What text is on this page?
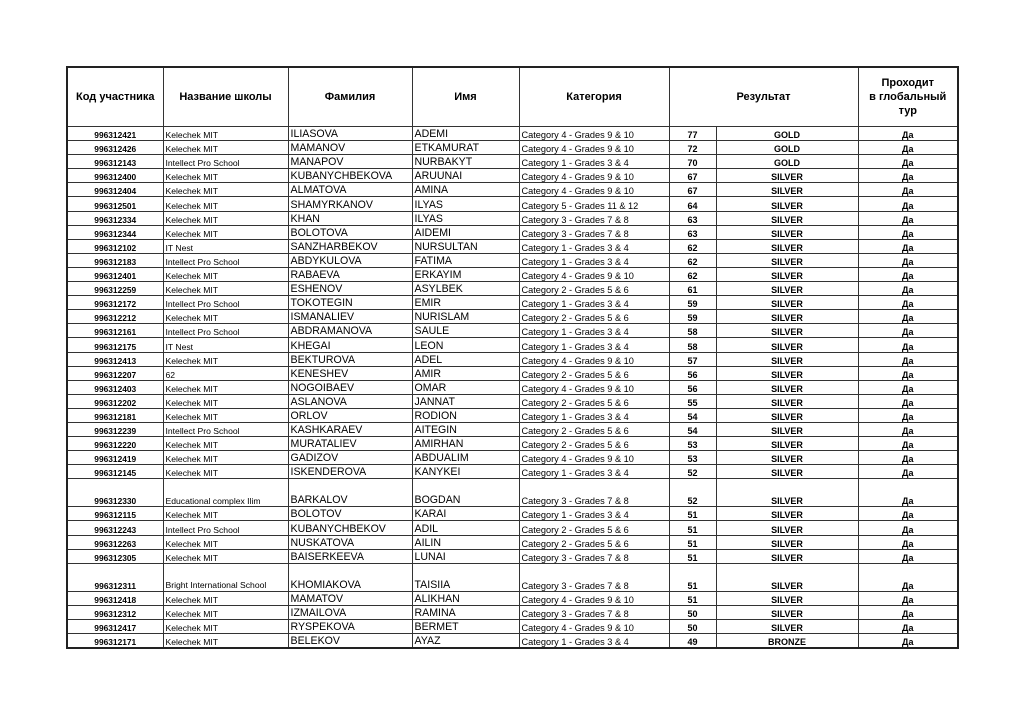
Код участника	Название школы	Фамилия	Имя	Категория	Результат		Проходит
в глобальный
тур
996312421	Kelechek MIT	ILIASOVA	ADEMI	Category 4 - Grades 9 & 10	77	GOLD	Да
996312426	Kelechek MIT	MAMANOV	ETKAMURAT	Category 4 - Grades 9 & 10	72	GOLD	Да
996312143	Intellect Pro School	MANAPOV	NURBAKYT	Category 1 - Grades 3 & 4	70	GOLD	Да
996312400	Kelechek MIT	KUBANYCHBEKOVA	ARUUNAI	Category 4 - Grades 9 & 10	67	SILVER	Да
996312404	Kelechek MIT	ALMATOVA	AMINA	Category 4 - Grades 9 & 10	67	SILVER	Да
996312501	Kelechek MIT	SHAMYRKANOV	ILYAS	Category 5 - Grades 11 & 12	64	SILVER	Да
996312334	Kelechek MIT	KHAN	ILYAS	Category 3 - Grades 7 & 8	63	SILVER	Да
996312344	Kelechek MIT	BOLOTOVA	AIDEMI	Category 3 - Grades 7 & 8	63	SILVER	Да
996312102	IT Nest	SANZHARBEKOV	NURSULTAN	Category 1 - Grades 3 & 4	62	SILVER	Да
996312183	Intellect Pro School	ABDYKULOVA	FATIMA	Category 1 - Grades 3 & 4	62	SILVER	Да
996312401	Kelechek MIT	RABAEVA	ERKAYIM	Category 4 - Grades 9 & 10	62	SILVER	Да
996312259	Kelechek MIT	ESHENOV	ASYLBEK	Category 2 - Grades 5 & 6	61	SILVER	Да
996312172	Intellect Pro School	TOKOTEGIN	EMIR	Category 1 - Grades 3 & 4	59	SILVER	Да
996312212	Kelechek MIT	ISMANALIEV	NURISLAM	Category 2 - Grades 5 & 6	59	SILVER	Да
996312161	Intellect Pro School	ABDRAMANOVA	SAULE	Category 1 - Grades 3 & 4	58	SILVER	Да
996312175	IT Nest	KHEGAI	LEON	Category 1 - Grades 3 & 4	58	SILVER	Да
996312413	Kelechek MIT	BEKTUROVA	ADEL	Category 4 - Grades 9 & 10	57	SILVER	Да
996312207	62	KENESHEV	AMIR	Category 2 - Grades 5 & 6	56	SILVER	Да
996312403	Kelechek MIT	NOGOIBAEV	OMAR	Category 4 - Grades 9 & 10	56	SILVER	Да
996312202	Kelechek MIT	ASLANOVA	JANNAT	Category 2 - Grades 5 & 6	55	SILVER	Да
996312181	Kelechek MIT	ORLOV	RODION	Category 1 - Grades 3 & 4	54	SILVER	Да
996312239	Intellect Pro School	KASHKARAEV	AITEGIN	Category 2 - Grades 5 & 6	54	SILVER	Да
996312220	Kelechek MIT	MURATALIEV	AMIRHAN	Category 2 - Grades 5 & 6	53	SILVER	Да
996312419	Kelechek MIT	GADIZOV	ABDUALIM	Category 4 - Grades 9 & 10	53	SILVER	Да
996312145	Kelechek MIT	ISKENDEROVA	KANYKEI	Category 1 - Grades 3 & 4	52	SILVER	Да
996312330	Educational complex Ilim	BARKALOV	BOGDAN	Category 3 - Grades 7 & 8	52	SILVER	Да
996312115	Kelechek MIT	BOLOTOV	KARAI	Category 1 - Grades 3 & 4	51	SILVER	Да
996312243	Intellect Pro School	KUBANYCHBEKOV	ADIL	Category 2 - Grades 5 & 6	51	SILVER	Да
996312263	Kelechek MIT	NUSKATOVA	AILIN	Category 2 - Grades 5 & 6	51	SILVER	Да
996312305	Kelechek MIT	BAISERKEEVA	LUNAI	Category 3 - Grades 7 & 8	51	SILVER	Да
996312311	Bright International School	KHOMIAKOVA	TAISIIA	Category 3 - Grades 7 & 8	51	SILVER	Да
996312418	Kelechek MIT	MAMATOV	ALIKHAN	Category 4 - Grades 9 & 10	51	SILVER	Да
996312312	Kelechek MIT	IZMAILOVA	RAMINA	Category 3 - Grades 7 & 8	50	SILVER	Да
996312417	Kelechek MIT	RYSPEKOVA	BERMET	Category 4 - Grades 9 & 10	50	SILVER	Да
996312171	Kelechek MIT	BELEKOV	AYAZ	Category 1 - Grades 3 & 4	49	BRONZE	Да
